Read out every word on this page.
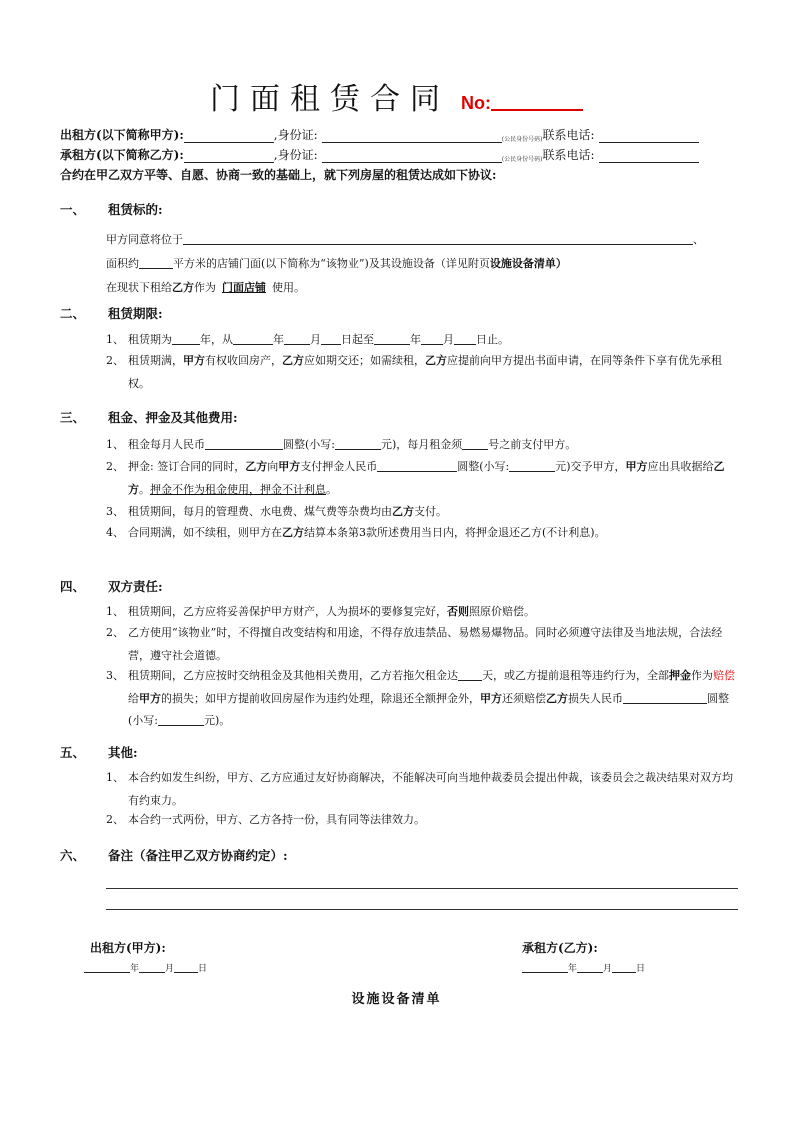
门面租赁合同 No:
出租方(以下简称甲方):	,身份证:	(公民身份号码)联系电话:
承租方(以下简称乙方):	,身份证:	(公民身份号码)联系电话:
合约在甲乙双方平等、自愿、协商一致的基础上，就下列房屋的租赁达成如下协议:
一、 租赁标的:
甲方同意将位于	、
面积约	平方米的店铺门面(以下简称为“该物业”)及其设施设备（详见附页设施设备清单）
在现状下租给乙方作为 门面店铺 使用。
二、 租赁期限:
1、 租赁期为	年，从	年 月 日起至	年 月 日止。
2、 租赁期满，甲方有权收回房产，乙方应如期交还；如需续租，乙方应提前向甲方提出书面申请，在同等条件下享有优先承租权。
三、 租金、押金及其他费用:
1、 租金每月人民币	圆整(小写:	元)，每月租金须 号之前支付甲方。
2、 押金: 签订合同的同时，乙方向甲方支付押金人民币	圆整(小写:	元)交予甲方，甲方应出具收据给乙方。押金不作为租金使用，押金不计利息。
3、 租赁期间，每月的管理费、水电费、煤气费等杂费均由乙方支付。
4、 合同期满，如不续租，则甲方在乙方结算本条第3款所述费用当日内，将押金退还乙方(不计利息)。
四、 双方责任:
1、 租赁期间，乙方应将妥善保护甲方财产，人为损坏的要修复完好，否则照原价赔偿。
2、 乙方使用“该物业”时，不得擅自改变结构和用途，不得存放违禁品、易燃易爆物品。同时必须遵守法律及当地法规，合法经营，遵守社会道德。
3、 租赁期间，乙方应按时交纳租金及其他相关费用，乙方若拖欠租金达 天，或乙方提前退租等违约行为，全部押金作为赔偿给甲方的损失；如甲方提前收回房屋作为违约处理，除退还全额押金外，甲方还须赔偿乙方损失人民币	圆整(小写:	元)。
五、 其他:
1、 本合约如发生纠纷，甲方、乙方应通过友好协商解决，不能解决可向当地仲裁委员会提出仲裁，该委员会之裁决结果对双方均有约束力。
2、 本合约一式两份，甲方、乙方各持一份，具有同等法律效力。
六、 备注（备注甲乙双方协商约定）:
出租方(甲方):
年	月	日
承租方(乙方):
年	月	日
设施设备清单
